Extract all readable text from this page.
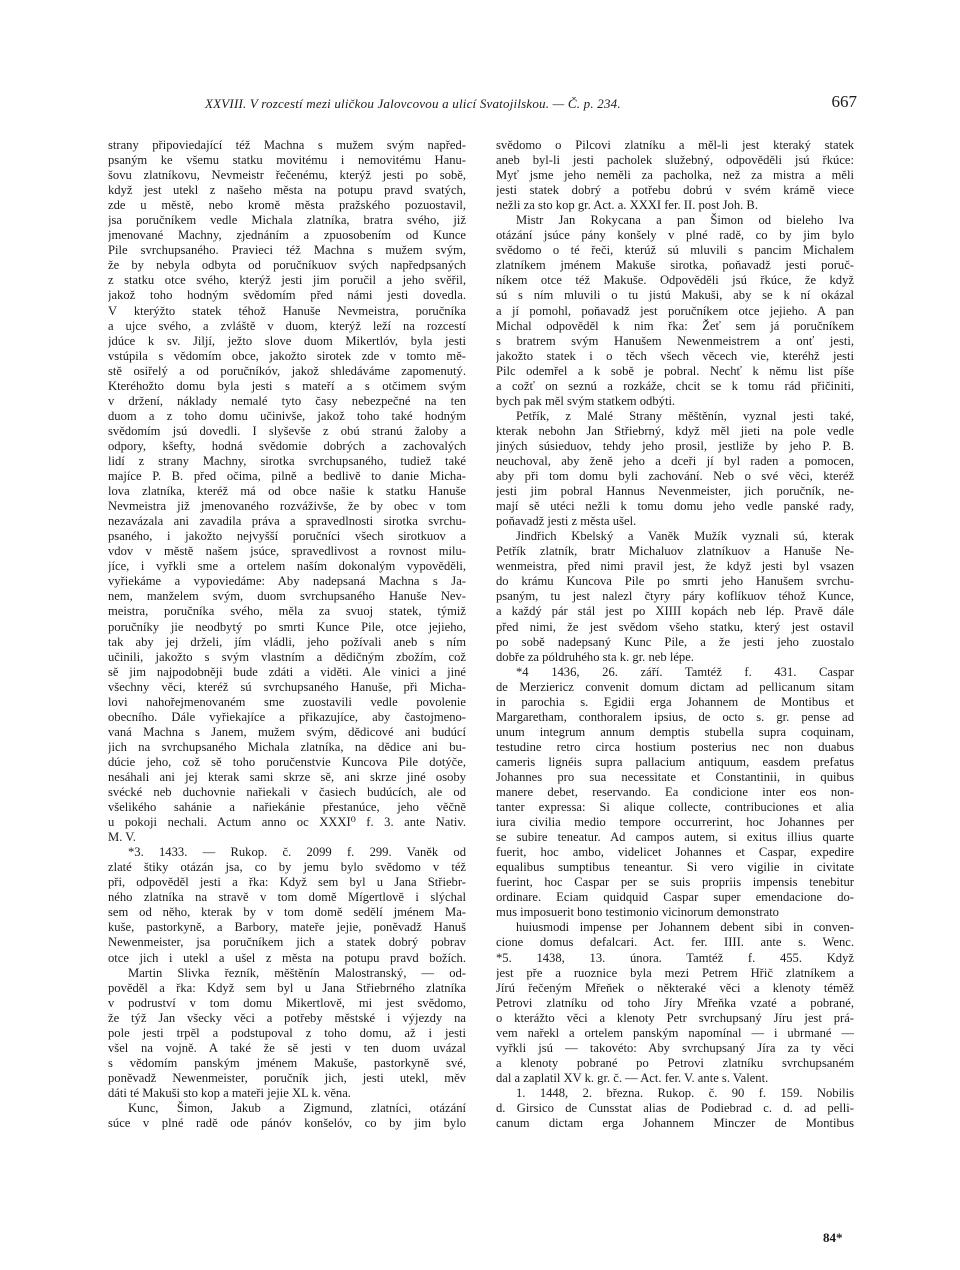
XXVIII. V rozcestí mezi uličkou Jalovcovou a ulicí Svatojilskou. — Č. p. 234.	667
strany připoviedající též Machna s mužem svým napřed-
psaným ke všemu statku movitému i nemovitému Hanu-
šovu zlatníkovu, Nevmeistr řečenému, kterýž jesti po sobě,
když jest utekl z našeho města na potupu pravd svatých,
zde u městě, nebo kromě města pražského pozuostavil,
jsa poručníkem vedle Michala zlatníka, bratra svého, již
jmenované Machny, zjednáním a zpuosobením od Kunce
Pile svrchupsaného. Pravieci též Machna s mužem svým,
že by nebyla odbyta od poručníkuov svých napředpsaných
z statku otce svého, kterýž jesti jim poručil a jeho svěřil,
jakož toho hodným svědomím před námi jesti dovedla.
V kterýžto statek téhož Hanuše Nevmeistra, poručníka
a ujce svého, a zvláště v duom, kterýž leží na rozcestí
jdúce k sv. Jiljí, ježto slove duom Mikertlóv, byla jesti
vstúpila s vědomím obce, jakožto sirotek zde v tomto mě-
stě osiřelý a od poručníkóv, jakož shledáváme zapomenutý.
Kteréhožto domu byla jesti s mateří a s otčimem svým
v držení, náklady nemalé tyto časy nebezpečné na ten
duom a z toho domu učinivše, jakož toho také hodným
svědomím jsú dovedli. I slyševše z obú stranú žaloby a
odpory, kšefty, hodná svědomie dobrých a zachovalých
lidí z strany Machny, sirotka svrchupsaného, tudiež také
majíce P. B. před očima, pilně a bedlivě to danie Micha-
lova zlatníka, kteréž má od obce našie k statku Hanuše
Nevmeistra již jmenovaného rozváživše, že by obec v tom
nezavázala ani zavadila práva a spravedlnosti sirotka svrchu-
psaného, i jakožto nejvyšší poručníci všech sirotkuov a
vdov v městě našem jsúce, spravedlivost a rovnost milu-
jíce, i vyřkli sme a ortelem naším dokonalým vypověděli,
vyřiekáme a vypoviedáme: Aby nadepsaná Machna s Ja-
nem, manželem svým, duom svrchupsaného Hanuše Nev-
meistra, poručníka svého, měla za svuoj statek, týmiž
poručníky jie neodbytý po smrti Kunce Pile, otce jejieho,
tak aby jej drželi, jím vládli, jeho požívali aneb s ním
učinili, jakožto s svým vlastním a dědičným zbožím, což
sě jim najpodobněji bude zdáti a viděti. Ale vinici a jiné
všechny věci, kteréž sú svrchupsaného Hanuše, při Micha-
lovi nahořejmenovaném sme zuostavili vedle povolenie
obecního. Dále vyřiekajíce a přikazujíce, aby častojmeno-
vaná Machna s Janem, mužem svým, dědicové ani budúcí
jich na svrchupsaného Michala zlatníka, na dědice ani bu-
dúcie jeho, což sě toho poručenstvie Kuncova Pile dotýče,
nesáhali ani jej kterak sami skrze sě, ani skrze jiné osoby
svécké neb duchovnie nařiekali v časiech budúcích, ale od
všelikého sahánie a nařiekánie přestanúce, jeho věčně
u pokoji nechali. Actum anno oc XXXI⁰ f. 3. ante Nativ.
M. V.
*3. 1433. — Rukop. č. 2099 f. 299. Vaněk od
zlaté štiky otázán jsa, co by jemu bylo svědomo v též
při, odpověděl jesti a řka: Když sem byl u Jana Střiebr-
ného zlatníka na stravě v tom domě Mígertlově i slýchal
sem od něho, kterak by v tom domě sedělí jménem Ma-
kuše, pastorkyně, a Barbory, mateře jejie, poněvadž Hanuš
Newenmeister, jsa poručníkem jich a statek dobrý pobrav
otce jich i utekl a ušel z města na potupu pravd božích.
Martin Slivka řezník, měštěnín Malostranský, — od-
pověděl a řka: Když sem byl u Jana Střiebrného zlatníka
v podruství v tom domu Mikertlově, mi jest svědomo,
že týž Jan všecky věci a potřeby městské i výjezdy na
pole jesti trpěl a podstupoval z toho domu, až i jesti
všel na vojně. A také že sě jesti v ten duom uvázal
s vědomím panským jménem Makuše, pastorkyně své,
poněvadž Newenmeister, poručník jich, jesti utekl, měv
dáti té Makuši sto kop a mateři jejie XL k. věna.
Kunc, Šimon, Jakub a Zigmund, zlatníci, otázání
súce v plné radě ode pánóv konšelóv, co by jim bylo
svědomo o Pilcovi zlatníku a měl-li jest kteraký statek
aneb byl-li jesti pacholek služebný, odpověděli jsú řkúce:
Myť jsme jeho neměli za pacholka, než za mistra a měli
jesti statek dobrý a potřebu dobrú v svém krámě viece
nežli za sto kop gr. Act. a. XXXI fer. II. post Joh. B.
Mistr Jan Rokycana a pan Šimon od bieleho lva
otázání jsúce pány konšely v plné radě, co by jim bylo
svědomo o té řeči, kterúž sú mluvili s pancim Michalem
zlatníkem jménem Makuše sirotka, poňavadž jesti poruč-
níkem otce též Makuše. Odpověděli jsú řkúce, že když
sú s ním mluvili o tu jistú Makuši, aby se k ní okázal
a jí pomohl, poňavadž jest poručníkem otce jejieho. A pan
Michal odpověděl k nim řka: Žeť sem já poručníkem
s bratrem svým Hanušem Newenmeistrem a onť jesti,
jakožto statek i o těch všech věcech vie, kteréhž jesti
Pilc odemřel a k sobě je pobral. Nechť k němu list píše
a cožť on seznú a rozkáže, chcit se k tomu rád přičiniti,
bych pak měl svým statkem odbýti.
Petřík, z Malé Strany měštěnín, vyznal jesti také,
kterak nebohn Jan Střiebrný, když měl jieti na pole vedle
jiných súsieduov, tehdy jeho prosil, jestliže by jeho P. B.
neuchoval, aby ženě jeho a dceři jí byl raden a pomocen,
aby při tom domu byli zachování. Neb o své věci, kteréž
jesti jim pobral Hannus Nevenmeister, jich poručník, ne-
mají sě utéci nežli k tomu domu jeho vedle panské rady,
poňavadž jesti z města ušel.
Jindřich Kbelský a Vaněk Mužík vyznali sú, kterak
Petřík zlatník, bratr Michaluov zlatníkuov a Hanuše Ne-
wenmeistra, před nimi pravil jest, že když jesti byl vsazen
do krámu Kuncova Pile po smrti jeho Hanušem svrchu-
psaným, tu jest nalezl čtyry páry koflíkuov téhož Kunce,
a každý pár stál jest po XIIII kopách neb lép. Pravě dále
před nimi, že jest svědom všeho statku, který jest ostavil
po sobě nadepsaný Kunc Pile, a že jesti jeho zuostalo
dobře za póldruhého sta k. gr. neb lépe.
*4 1436, 26. září. Tamtéž f. 431. Caspar
de Merziericz convenit domum dictam ad pellicanum sitam
in parochia s. Egidii erga Johannem de Montibus et
Margaretham, conthoralem ipsius, de octo s. gr. pense ad
unum integrum annum demptis stubella supra coquinam,
testudine retro circa hostium posterius nec non duabus
cameris lignéis supra pallacium antiquum, easdem prefatus
Johannes pro sua necessitate et Constantinii, in quibus
manere debet, reservando. Ea condicione inter eos non-
tanter expressa: Si alique collecte, contribuciones et alia
iura civilia medio tempore occurrerint, hoc Johannes per
se subire teneatur. Ad campos autem, si exitus illius quarte
fuerit, hoc ambo, videlicet Johannes et Caspar, expedire
equalibus sumptibus teneantur. Si vero vigilie in civitate
fuerint, hoc Caspar per se suis propriis impensis tenebitur
ordinare. Eciam quidquid Caspar super emendacione do-
mus imposuerit bono testimonio vicinorum demonstrato
huiusmodi impense per Johannem debent sibi in conven-
cione domus defalcari. Act. fer. IIII. ante s. Wenc.
*5. 1438, 13. února. Tamtéž f. 455. Když
jest pře a ruoznice byla mezi Petrem Hřič zlatníkem a
Jírú řečeným Mřeňek o některaké věci a klenoty téměž
Petrovi zlatníku od toho Jíry Mřeňka vzaté a pobrané,
o kterážto věci a klenoty Petr svrchupsaný Jíru jest prá-
vem nařekl a ortelem panským napomínal — i ubrmané —
vyřkli jsú — takovéto: Aby svrchupsaný Jíra za ty věci
a klenoty pobrané po Petrovi zlatníku svrchupsaném
dal a zaplatil XV k. gr. č. — Act. fer. V. ante s. Valent.
1. 1448, 2. března. Rukop. č. 90 f. 159. Nobilis
d. Girsico de Cunsstat alias de Podiebrad c. d. ad pelli-
canum dictam erga Johannem Minczer de Montibus
84*
